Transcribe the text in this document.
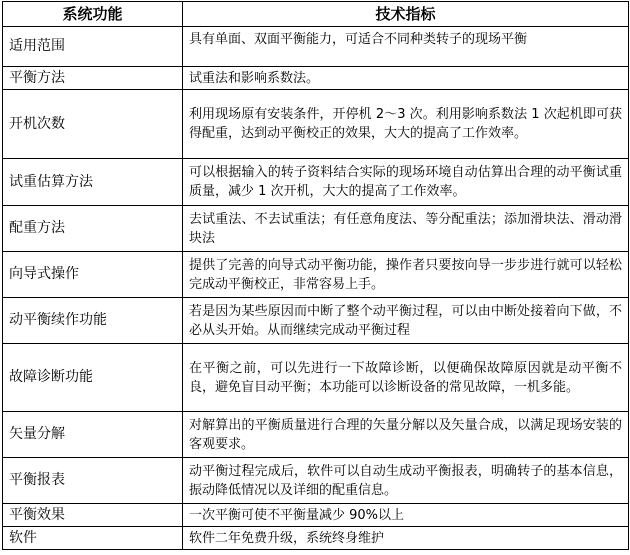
系统功能	技术指标
适用范围	具有单面、双面平衡能力，可适合不同种类转子的现场平衡
平衡方法	试重法和影响系数法。
开机次数	利用现场原有安装条件，开停机 2～3 次。利用影响系数法 1 次起机即可获得配重，达到动平衡校正的效果，大大的提高了工作效率。
试重估算方法	可以根据输入的转子资料结合实际的现场环境自动估算出合理的动平衡试重质量，减少 1 次开机，大大的提高了工作效率。
配重方法	去试重法、不去试重法；有任意角度法、等分配重法；添加滑块法、滑动滑块法
向导式操作	提供了完善的向导式动平衡功能，操作者只要按向导一步步进行就可以轻松完成动平衡校正，非常容易上手。
动平衡续作功能	若是因为某些原因而中断了整个动平衡过程，可以由中断处接着向下做，不必从头开始。从而继续完成动平衡过程
故障诊断功能	在平衡之前，可以先进行一下故障诊断，以便确保故障原因就是动平衡不良，避免盲目动平衡；本功能可以诊断设备的常见故障，一机多能。
矢量分解	对解算出的平衡质量进行合理的矢量分解以及矢量合成，以满足现场安装的客观要求。
平衡报表	动平衡过程完成后，软件可以自动生成动平衡报表，明确转子的基本信息，振动降低情况以及详细的配重信息。
平衡效果	一次平衡可使不平衡量减少 90%以上
软件	软件二年免费升级，系统终身维护
